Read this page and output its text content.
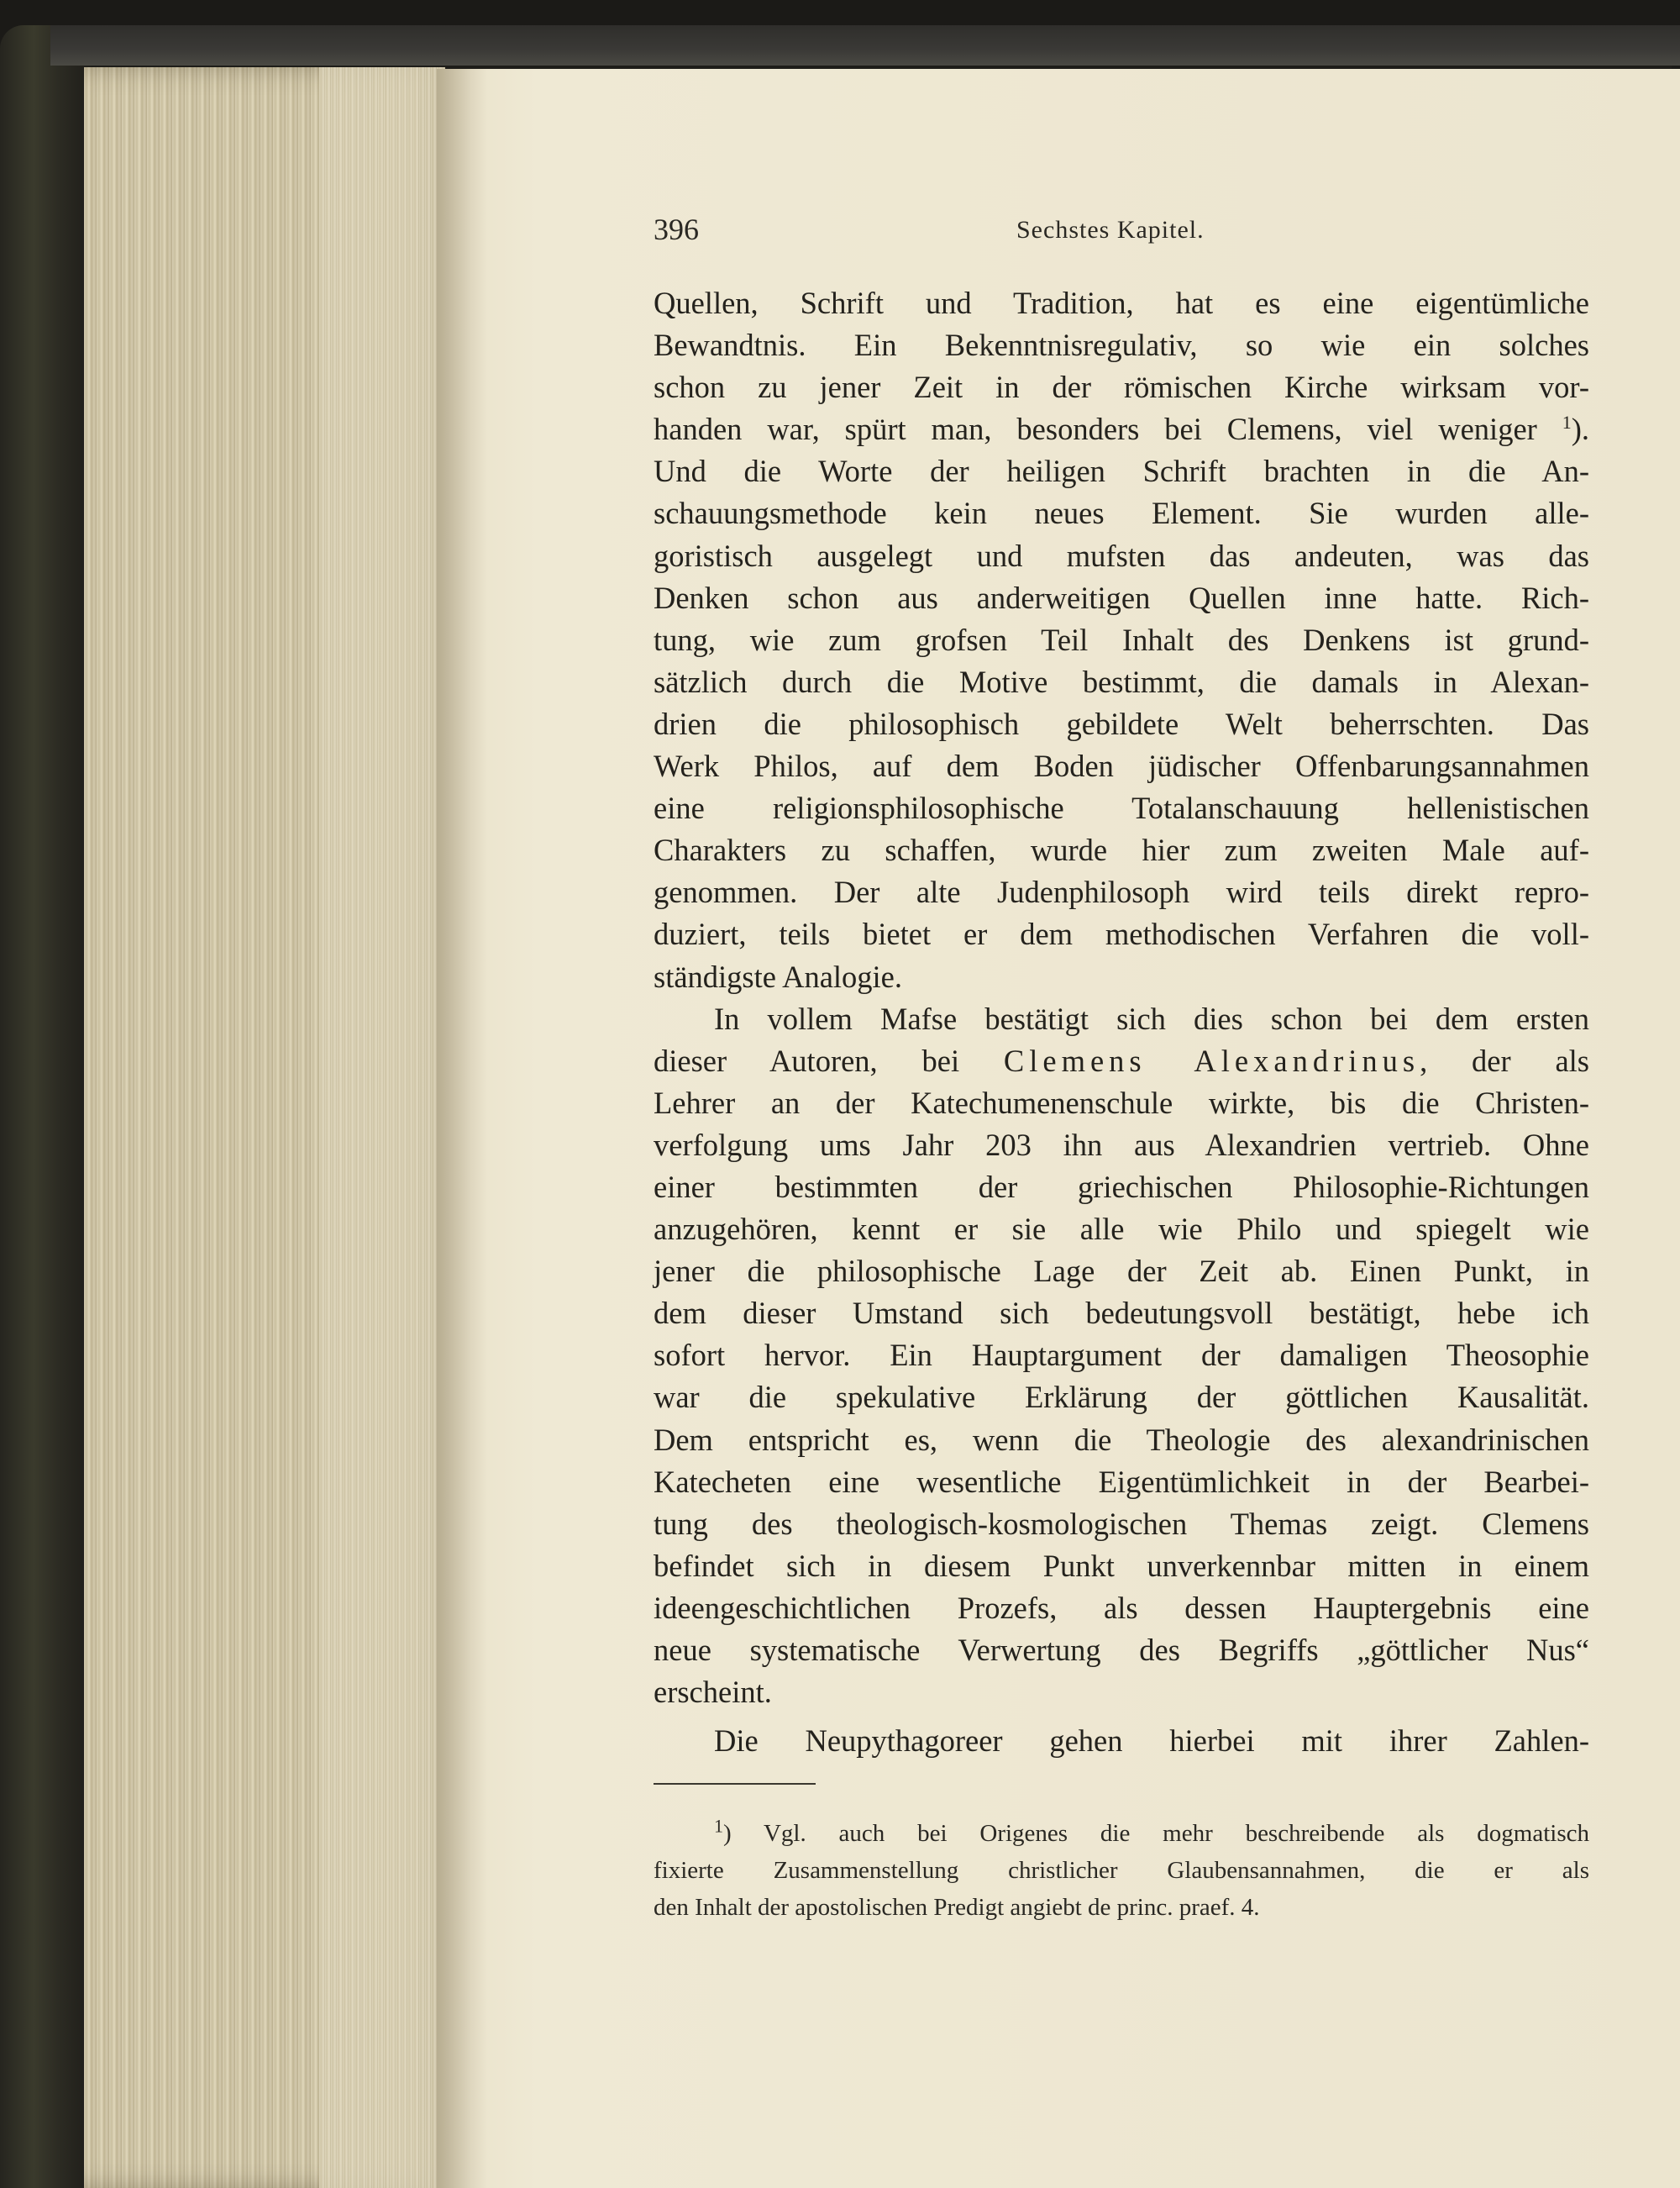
396	Sechstes Kapitel.
Quellen, Schrift und Tradition, hat es eine eigentümliche
Bewandtnis. Ein Bekenntnisregulativ, so wie ein solches
schon zu jener Zeit in der römischen Kirche wirksam vor-
handen war, spürt man, besonders bei Clemens, viel weniger $^1$).
Und die Worte der heiligen Schrift brachten in die An-
schauungsmethode kein neues Element. Sie wurden alle-
goristisch ausgelegt und mufsten das andeuten, was das
Denken schon aus anderweitigen Quellen inne hatte. Rich-
tung, wie zum grofsen Teil Inhalt des Denkens ist grund-
sätzlich durch die Motive bestimmt, die damals in Alexan-
drien die philosophisch gebildete Welt beherrschten. Das
Werk Philos, auf dem Boden jüdischer Offenbarungsannahmen
eine religionsphilosophische Totalanschauung hellenistischen
Charakters zu schaffen, wurde hier zum zweiten Male auf-
genommen. Der alte Judenphilosoph wird teils direkt repro-
duziert, teils bietet er dem methodischen Verfahren die voll-
ständigste Analogie.
In vollem Mafse bestätigt sich dies schon bei dem ersten
dieser Autoren, bei Clemens Alexandrinus, der als
Lehrer an der Katechumenenschule wirkte, bis die Christen-
verfolgung ums Jahr 203 ihn aus Alexandrien vertrieb. Ohne
einer bestimmten der griechischen Philosophie-Richtungen
anzugehören, kennt er sie alle wie Philo und spiegelt wie
jener die philosophische Lage der Zeit ab. Einen Punkt, in
dem dieser Umstand sich bedeutungsvoll bestätigt, hebe ich
sofort hervor. Ein Hauptargument der damaligen Theosophie
war die spekulative Erklärung der göttlichen Kausalität.
Dem entspricht es, wenn die Theologie des alexandrinischen
Katecheten eine wesentliche Eigentümlichkeit in der Bearbei-
tung des theologisch-kosmologischen Themas zeigt. Clemens
befindet sich in diesem Punkt unverkennbar mitten in einem
ideengeschichtlichen Prozefs, als dessen Hauptergebnis eine
neue systematische Verwertung des Begriffs „göttlicher Nus“
erscheint.
Die Neupythagoreer gehen hierbei mit ihrer Zahlen-
$^1$) Vgl. auch bei Origenes die mehr beschreibende als dogmatisch
fixierte Zusammenstellung christlicher Glaubensannahmen, die er als
den Inhalt der apostolischen Predigt angiebt de princ. praef. 4.
